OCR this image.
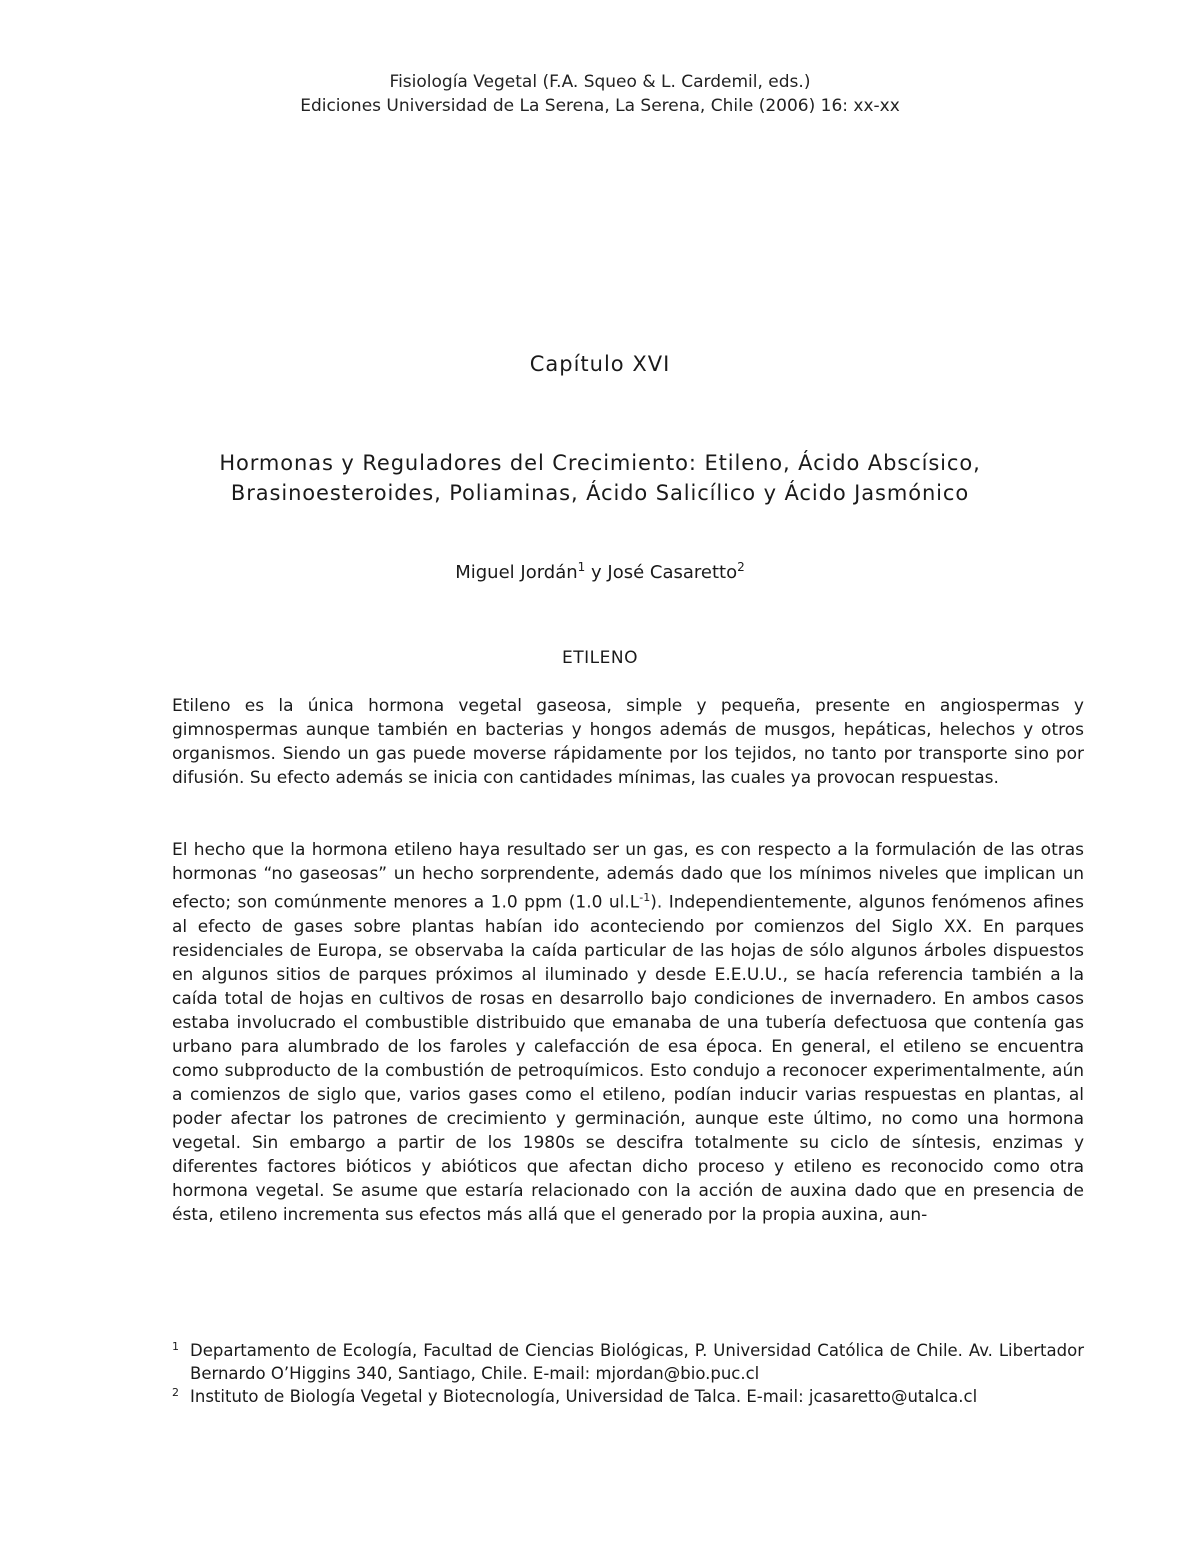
Fisiología Vegetal (F.A. Squeo & L. Cardemil, eds.)
Ediciones Universidad de La Serena, La Serena, Chile (2006) 16: xx-xx
Capítulo XVI
Hormonas y Reguladores del Crecimiento: Etileno, Ácido Abscísico,
Brasinoesteroides, Poliaminas, Ácido Salicílico y Ácido Jasmónico
Miguel Jordán$^1$ y José Casaretto$^2$
ETILENO

Etileno es la única hormona vegetal gaseosa, simple y pequeña, presente en angiospermas y gimnospermas aunque también en bacterias y hongos además de musgos, hepáticas, helechos y otros organismos. Siendo un gas puede moverse rápidamente por los tejidos, no tanto por transporte sino por difusión. Su efecto además se inicia con cantidades mínimas, las cuales ya provocan respuestas.

El hecho que la hormona etileno haya resultado ser un gas, es con respecto a la formulación de las otras hormonas “no gaseosas” un hecho sorprendente, además dado que los mínimos niveles que implican un efecto; son comúnmente menores a 1.0 ppm (1.0 $ul.L^{-1}$). Independientemente, algunos fenómenos afines al efecto de gases sobre plantas habían ido aconteciendo por comienzos del Siglo XX. En parques residenciales de Europa, se observaba la caída particular de las hojas de sólo algunos árboles dispuestos en algunos sitios de parques próximos al iluminado y desde E.E.U.U., se hacía referencia también a la caída total de hojas en cultivos de rosas en desarrollo bajo condiciones de invernadero. En ambos casos estaba involucrado el combustible distribuido que emanaba de una tubería defectuosa que contenía gas urbano para alumbrado de los faroles y calefacción de esa época. En general, el etileno se encuentra como subproducto de la combustión de petroquímicos. Esto condujo a reconocer experimentalmente, aún a comienzos de siglo que, varios gases como el etileno, podían inducir varias respuestas en plantas, al poder afectar los patrones de crecimiento y germinación, aunque este último, no como una hormona vegetal. Sin embargo a partir de los 1980s se descifra totalmente su ciclo de síntesis, enzimas y diferentes factores bióticos y abióticos que afectan dicho proceso y etileno es reconocido como otra hormona vegetal. Se asume que estaría relacionado con la acción de auxina dado que en presencia de ésta, etileno incrementa sus efectos más allá que el generado por la propia auxina, aun-

1 Departamento de Ecología, Facultad de Ciencias Biológicas, P. Universidad Católica de Chile. Av. Libertador Bernardo O’Higgins 340, Santiago, Chile. E-mail: mjordan@bio.puc.cl
2 Instituto de Biología Vegetal y Biotecnología, Universidad de Talca. E-mail: jcasaretto@utalca.cl
